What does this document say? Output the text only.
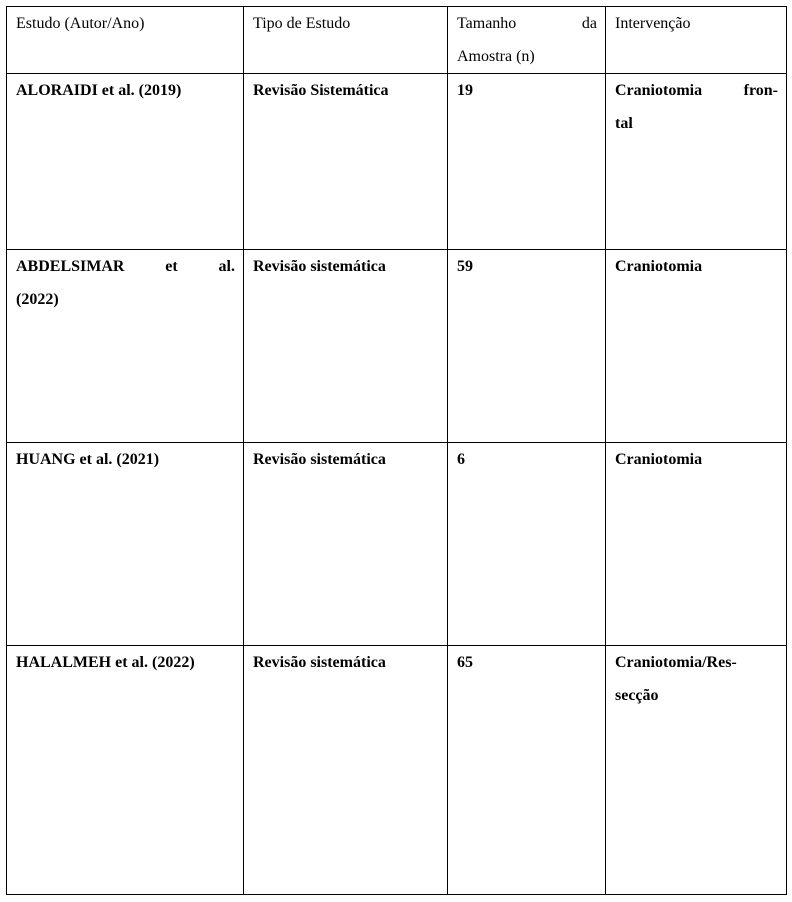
Estudo (Autor/Ano)	Tipo de Estudo	Tamanho da
Amostra (n)	Intervenção

ALORAIDI et al. (2019)	Revisão Sistemática	19	Craniotomia fron-
tal

ABDELSIMAR et al.
(2022)	Revisão sistemática	59	Craniotomia

HUANG et al. (2021)	Revisão sistemática	6	Craniotomia

HALALMEH et al. (2022)	Revisão sistemática	65	Craniotomia/Res-
secção
